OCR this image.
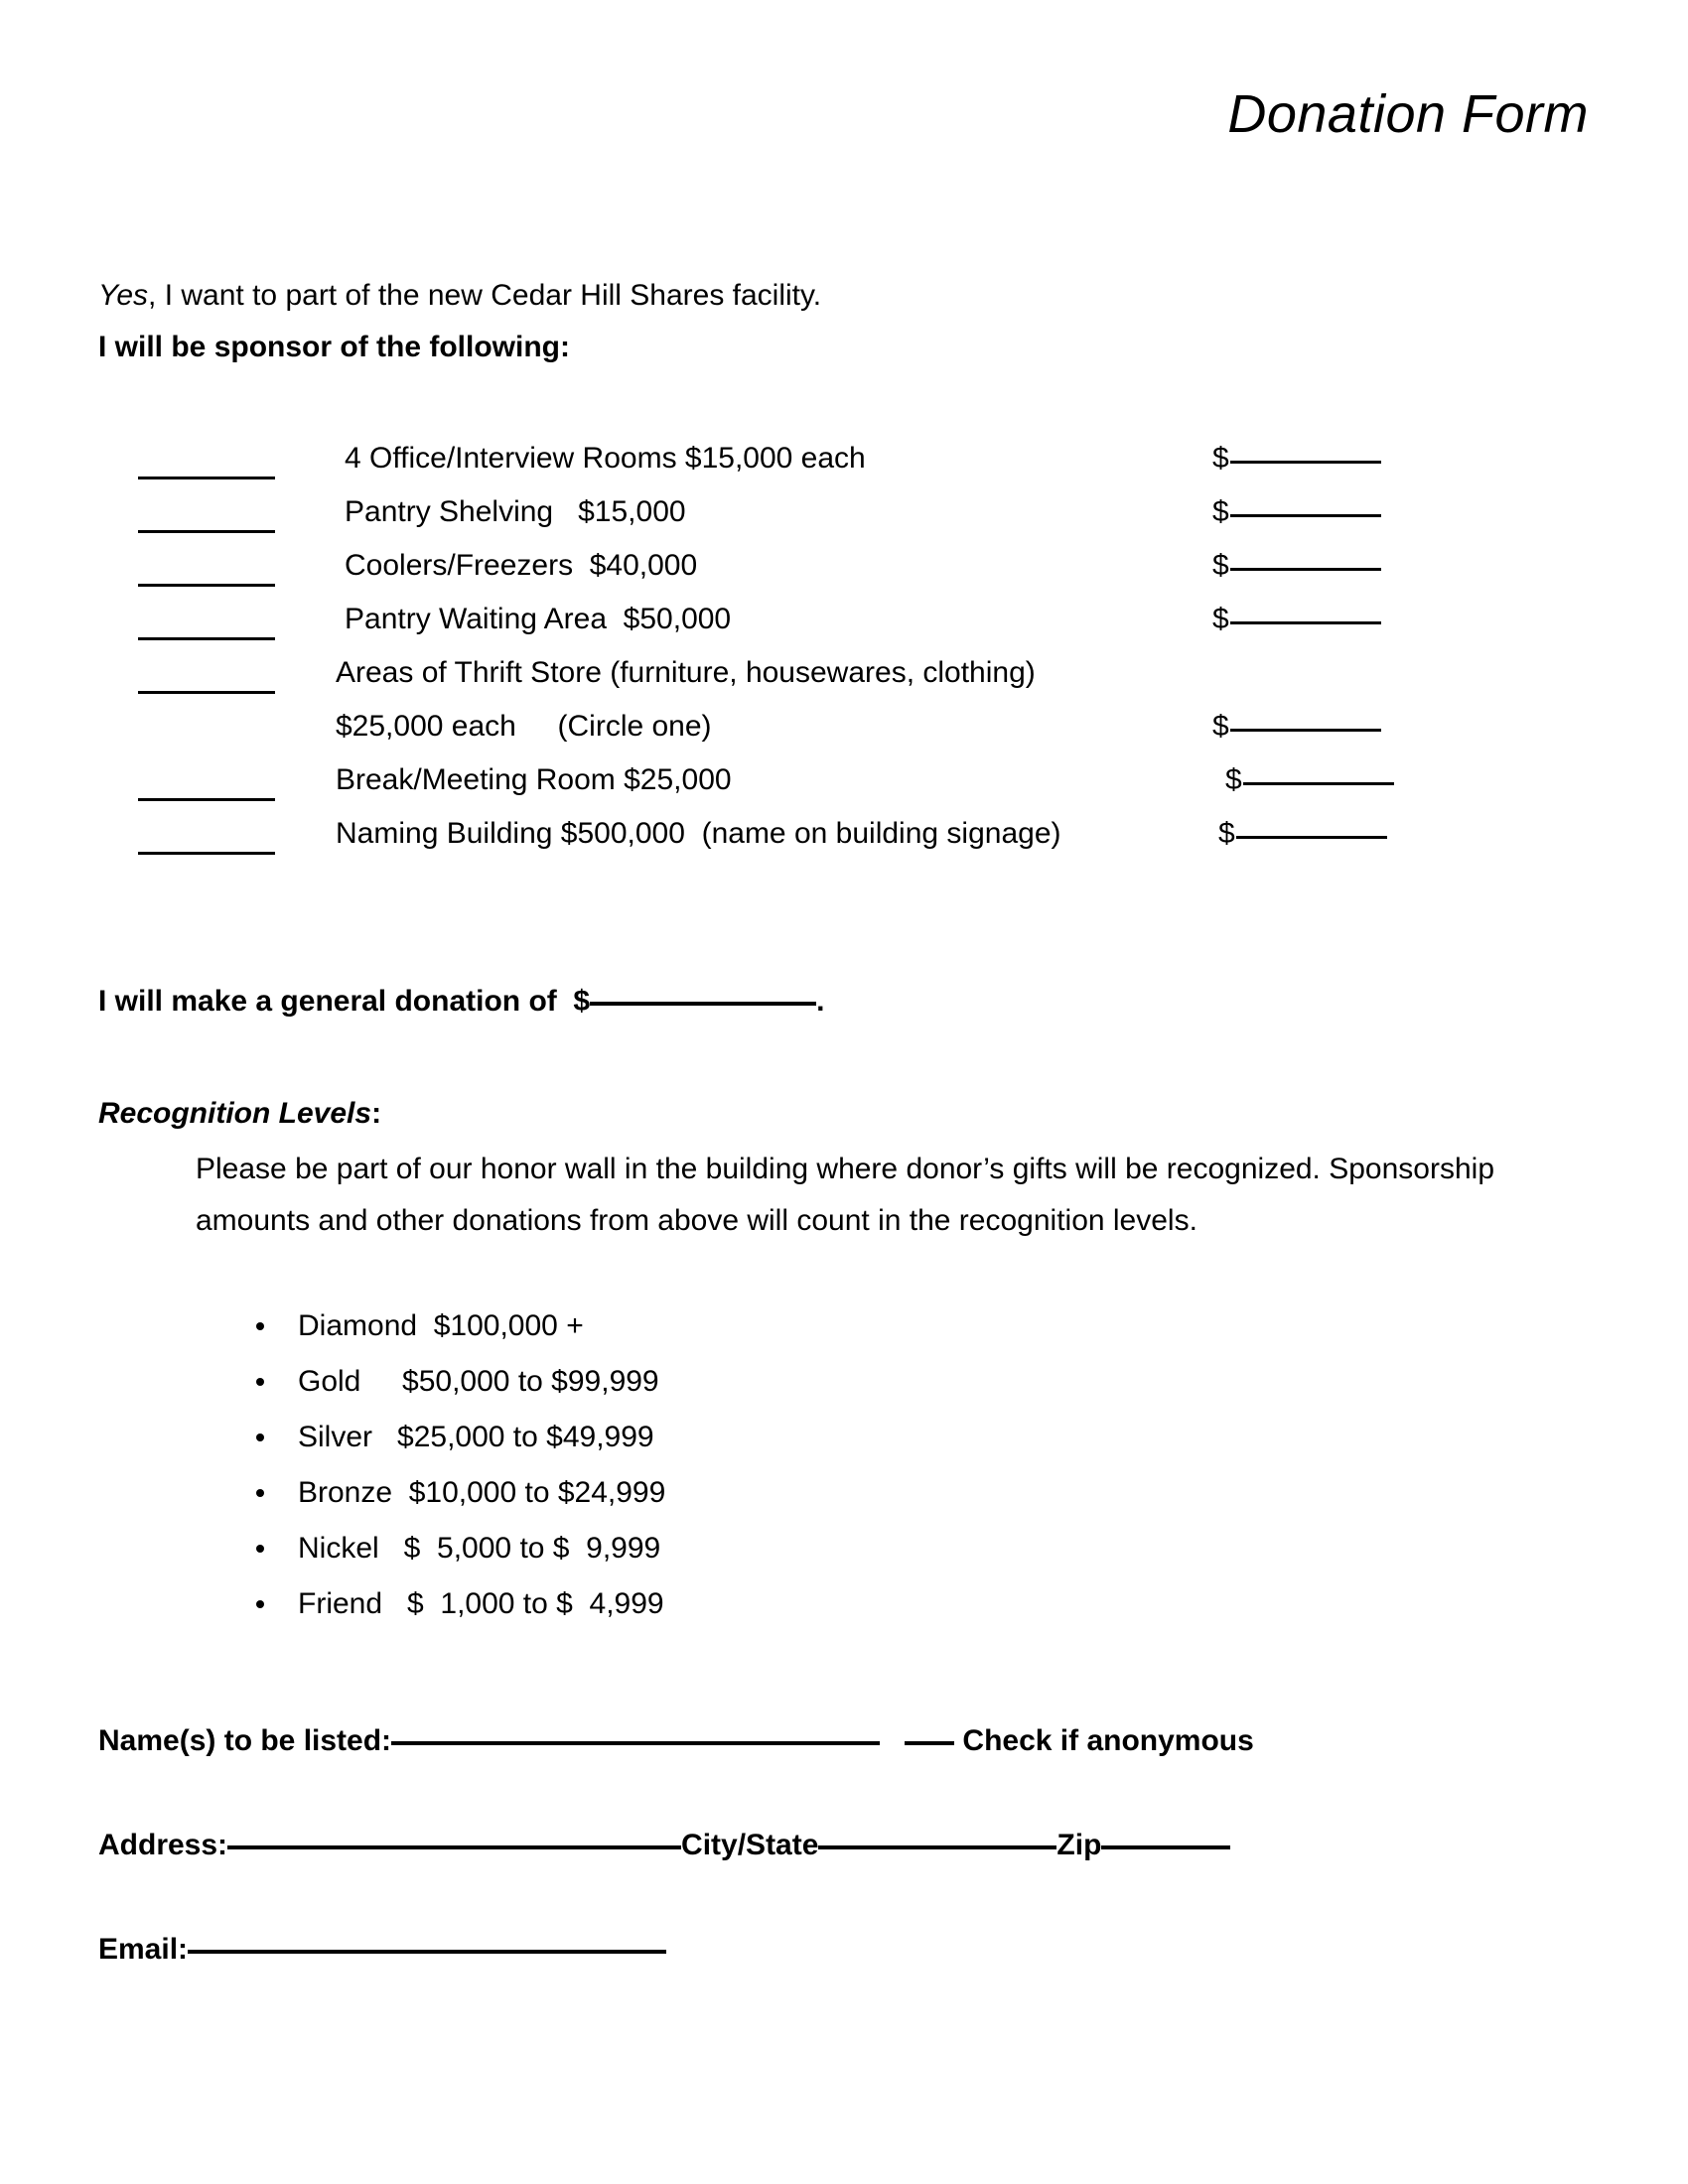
Donation Form
Yes, I want to part of the new Cedar Hill Shares facility.
I will be sponsor of the following:
4 Office/Interview Rooms $15,000 each	$
Pantry Shelving   $15,000	$
Coolers/Freezers  $40,000	$
Pantry Waiting Area  $50,000	$
Areas of Thrift Store (furniture, housewares, clothing)
$25,000 each     (Circle one)	$
Break/Meeting Room $25,000	$
Naming Building $500,000  (name on building signage)	$
I will make a general donation of  $	.
Recognition Levels:
Please be part of our honor wall in the building where donor’s gifts will be recognized. Sponsorship amounts and other donations from above will count in the recognition levels.
Diamond  $100,000 +
Gold     $50,000 to $99,999
Silver   $25,000 to $49,999
Bronze  $10,000 to $24,999
Nickel   $  5,000 to $  9,999
Friend   $  1,000 to $  4,999
Name(s) to be listed:	Check if anonymous
Address:	City/State	Zip
Email:
